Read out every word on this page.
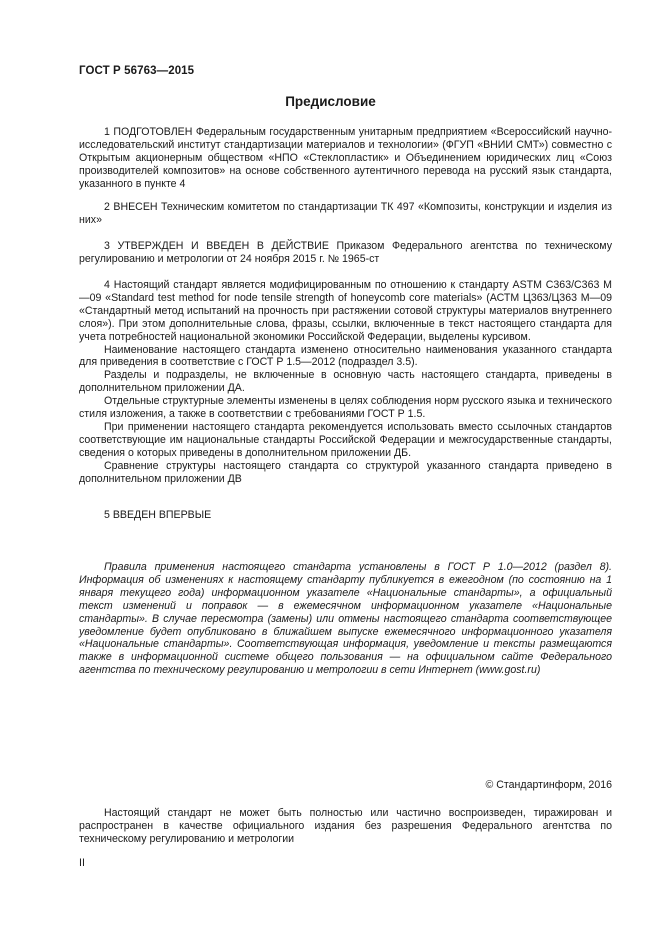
ГОСТ Р 56763—2015
Предисловие

1 ПОДГОТОВЛЕН Федеральным государственным унитарным предприятием «Всероссийский научно-исследовательский институт стандартизации материалов и технологии» (ФГУП «ВНИИ СМТ») совместно с Открытым акционерным обществом «НПО «Стеклопластик» и Объединением юридических лиц «Союз производителей композитов» на основе собственного аутентичного перевода на русский язык стандарта, указанного в пункте 4

2 ВНЕСЕН Техническим комитетом по стандартизации ТК 497 «Композиты, конструкции и изделия из них»

3 УТВЕРЖДЕН И ВВЕДЕН В ДЕЙСТВИЕ Приказом Федерального агентства по техническому регулированию и метрологии от 24 ноября 2015 г. № 1965-ст

4 Настоящий стандарт является модифицированным по отношению к стандарту ASTM C363/C363 M—09 «Standard test method for node tensile strength of honeycomb core materials» (АСТМ Ц363/Ц363 М—09 «Стандартный метод испытаний на прочность при растяжении сотовой структуры материалов внутреннего слоя»). При этом дополнительные слова, фразы, ссылки, включенные в текст настоящего стандарта для учета потребностей национальной экономики Российской Федерации, выделены курсивом.

Наименование настоящего стандарта изменено относительно наименования указанного стандарта для приведения в соответствие с ГОСТ Р 1.5—2012 (подраздел 3.5).

Разделы и подразделы, не включенные в основную часть настоящего стандарта, приведены в дополнительном приложении ДА.

Отдельные структурные элементы изменены в целях соблюдения норм русского языка и технического стиля изложения, а также в соответствии с требованиями ГОСТ Р 1.5.

При применении настоящего стандарта рекомендуется использовать вместо ссылочных стандартов соответствующие им национальные стандарты Российской Федерации и межгосударственные стандарты, сведения о которых приведены в дополнительном приложении ДБ.

Сравнение структуры настоящего стандарта со структурой указанного стандарта приведено в дополнительном приложении ДВ

5 ВВЕДЕН ВПЕРВЫЕ

Правила применения настоящего стандарта установлены в ГОСТ Р 1.0—2012 (раздел 8). Информация об изменениях к настоящему стандарту публикуется в ежегодном (по состоянию на 1 января текущего года) информационном указателе «Национальные стандарты», а официальный текст изменений и поправок — в ежемесячном информационном указателе «Национальные стандарты». В случае пересмотра (замены) или отмены настоящего стандарта соответствующее уведомление будет опубликовано в ближайшем выпуске ежемесячного информационного указателя «Национальные стандарты». Соответствующая информация, уведомление и тексты размещаются также в информационной системе общего пользования — на официальном сайте Федерального агентства по техническому регулированию и метрологии в сети Интернет (www.gost.ru)

© Стандартинформ, 2016

Настоящий стандарт не может быть полностью или частично воспроизведен, тиражирован и распространен в качестве официального издания без разрешения Федерального агентства по техническому регулированию и метрологии

II
